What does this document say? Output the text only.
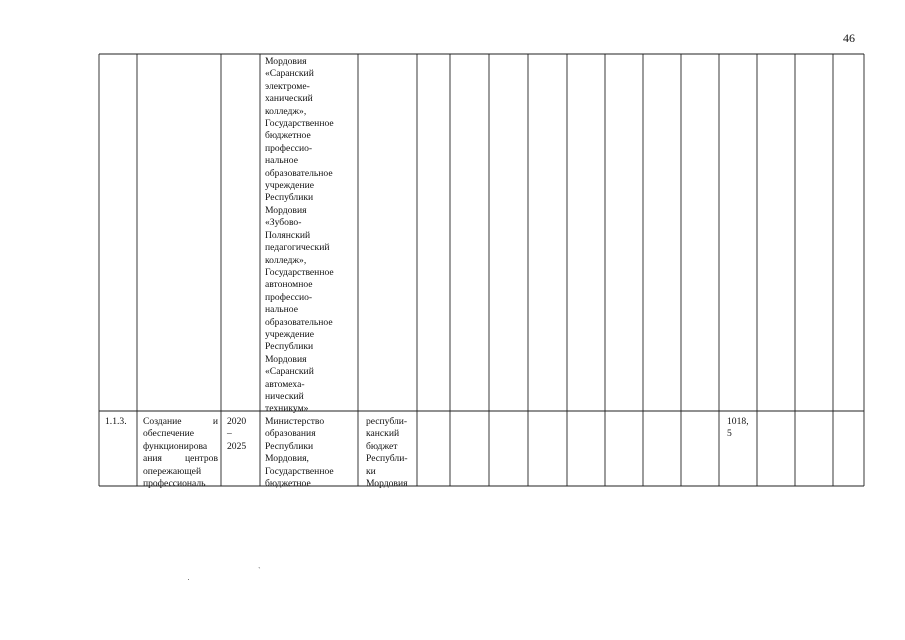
46
Мордовия
«Саранский
электроме-
ханический
колледж»,
Государственное
бюджетное
профессио-
нальное
образовательное
учреждение
Республики
Мордовия
«Зубово-
Полянский
педагогический
колледж»,
Государственное
автономное
профессио-
нальное
образовательное
учреждение
Республики
Мордовия
«Саранский
автомеха-
нический
техникум»
1.1.3. Создание	и
обеспечение
функционирова
ания центров
опережающей
профессиональ
2020
–
2025
Министерство
образования
Республики
Мордовия,
Государственное
бюджетное
республи-
канский
бюджет
Республи-
ки
Мордовия
1018,
5
`
